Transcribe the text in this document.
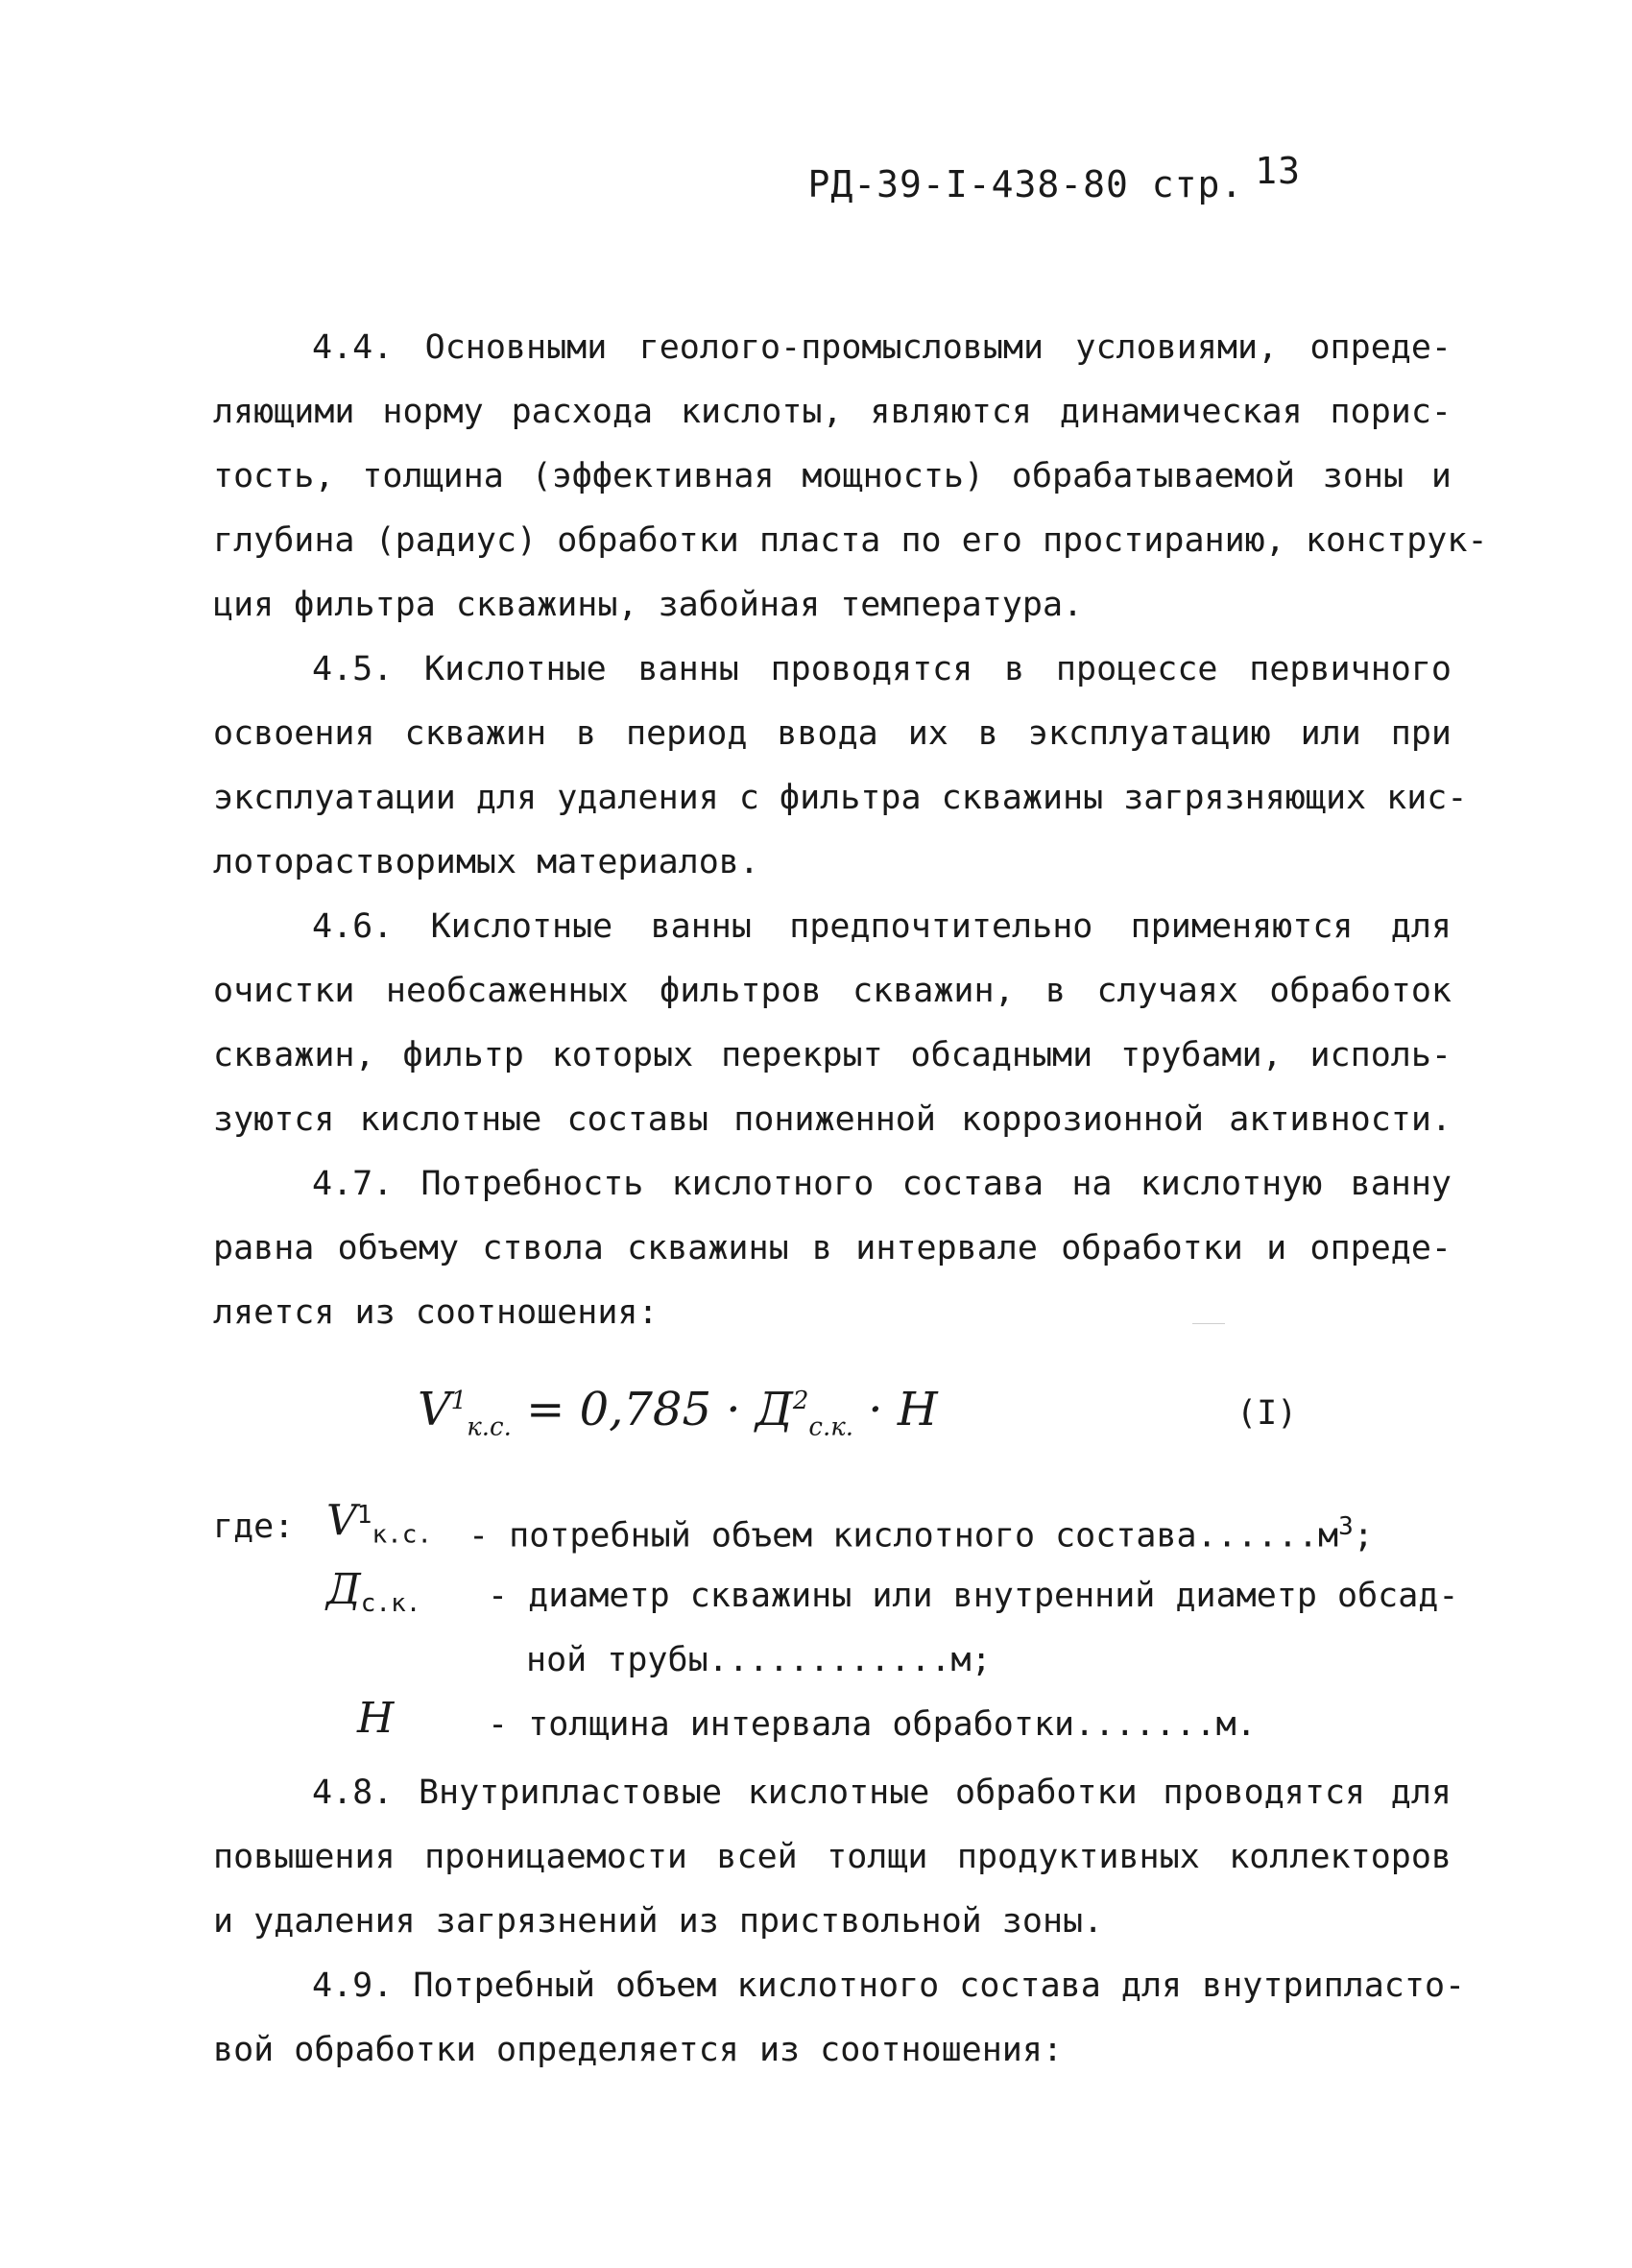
РД-39-I-438-80 стр. 13
4.4. Основными геолого-промысловыми условиями, опреде-
ляющими норму расхода кислоты, являются динамическая порис-
тость, толщина (эффективная мощность) обрабатываемой зоны и
глубина (радиус) обработки пласта по его простиранию, конструк-
ция фильтра скважины, забойная температура.
4.5. Кислотные ванны проводятся в процессе первичного
освоения скважин в период ввода их в эксплуатацию или при
эксплуатации для удаления с фильтра скважины загрязняющих кис-
лоторастворимых материалов.
4.6. Кислотные ванны предпочтительно применяются для
очистки необсаженных фильтров скважин, в случаях обработок
скважин, фильтр которых перекрыт обсадными трубами, исполь-
зуются кислотные составы пониженной коррозионной активности.
4.7. Потребность кислотного состава на кислотную ванну
равна объему ствола скважины в интервале обработки и опреде-
ляется из соотношения:
$V^1_{к.с.} = 0,785 \cdot Д^2_{с.к.} \cdot H$	(I)
где: $V^1_{к.с.}$ - потребный объем кислотного $состава......м^3$;
$Д_{с.к.}$ - диаметр скважины или внутренний диаметр обсад-
ной трубы............м;
H	- толщина интервала обработки.......м.
4.8. Внутрипластовые кислотные обработки проводятся для
повышения проницаемости всей толщи продуктивных коллекторов
и удаления загрязнений из приствольной зоны.
4.9. Потребный объем кислотного состава для внутрипласто-
вой обработки определяется из соотношения:
